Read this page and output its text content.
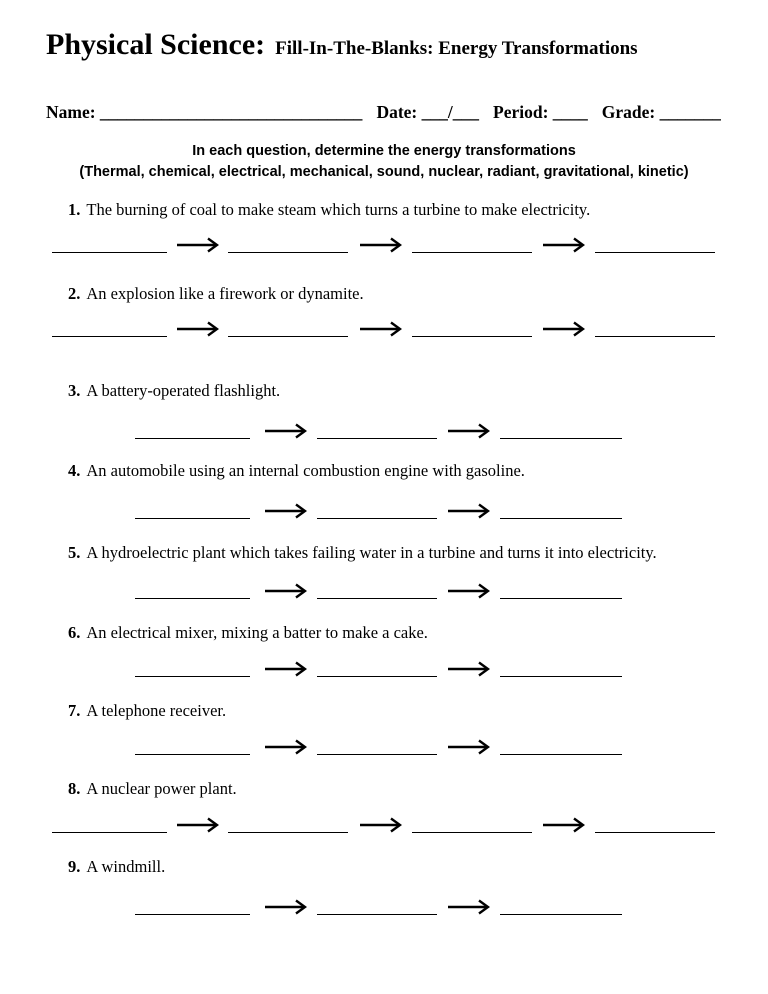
Physical Science: Fill-In-The-Blanks: Energy Transformations
Name: ______________________________ Date: ___/___ Period: ____ Grade: _______
In each question, determine the energy transformations
(Thermal, chemical, electrical, mechanical, sound, nuclear, radiant, gravitational, kinetic)
1. The burning of coal to make steam which turns a turbine to make electricity.
2. An explosion like a firework or dynamite.
3. A battery-operated flashlight.
4. An automobile using an internal combustion engine with gasoline.
5. A hydroelectric plant which takes failing water in a turbine and turns it into electricity.
6. An electrical mixer, mixing a batter to make a cake.
7. A telephone receiver.
8. A nuclear power plant.
9. A windmill.
